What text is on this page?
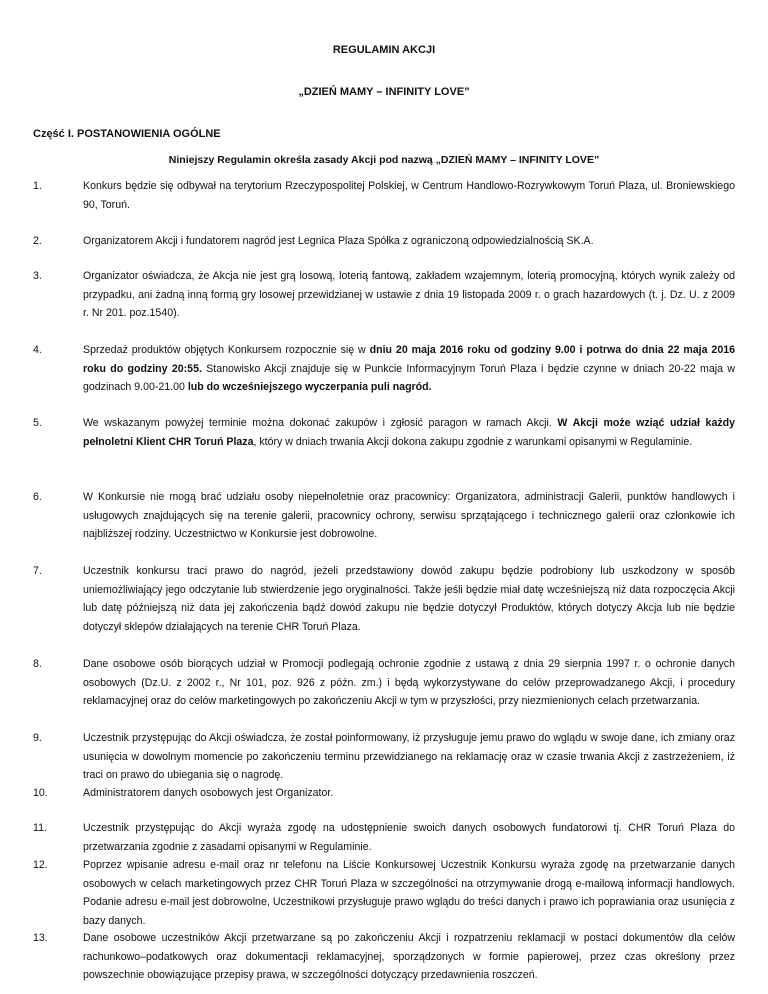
REGULAMIN AKCJI
„DZIEŃ MAMY – INFINITY LOVE”
Część I. POSTANOWIENIA OGÓLNE
Niniejszy Regulamin określa zasady Akcji pod nazwą „DZIEŃ MAMY – INFINITY LOVE”
1.	Konkurs będzie się odbywał na terytorium Rzeczypospolitej Polskiej, w Centrum Handlowo-Rozrywkowym Toruń Plaza, ul. Broniewskiego 90, Toruń.
2.	Organizatorem Akcji i fundatorem nagród jest Legnica Plaza Spółka z ograniczoną odpowiedzialnością SK.A.
3.	Organizator oświadcza, że Akcja nie jest grą losową, loterią fantową, zakładem wzajemnym, loterią promocyjną, których wynik zależy od przypadku, ani żadną inną formą gry losowej przewidzianej w ustawie z dnia 19 listopada 2009 r. o grach hazardowych (t. j. Dz. U. z 2009 r. Nr 201. poz.1540).
4.	Sprzedaż produktów objętych Konkursem rozpocznie się w dniu 20 maja 2016 roku od godziny 9.00 i potrwa do dnia 22 maja 2016 roku do godziny 20:55. Stanowisko Akcji znajduje się w Punkcie Informacyjnym Toruń Plaza i będzie czynne w dniach 20-22 maja w godzinach 9.00-21.00 lub do wcześniejszego wyczerpania puli nagród.
5.	We wskazanym powyżej terminie można dokonać zakupów i zgłosić paragon w ramach Akcji. W Akcji może wziąć udział każdy pełnoletni Klient CHR Toruń Plaza, który w dniach trwania Akcji dokona zakupu zgodnie z warunkami opisanymi w Regulaminie.
6.	W Konkursie nie mogą brać udziału osoby niepełnoletnie oraz pracownicy: Organizatora, administracji Galerii, punktów handlowych i usługowych znajdujących się na terenie galerii, pracownicy ochrony, serwisu sprzątającego i technicznego galerii oraz członkowie ich najbliższej rodziny. Uczestnictwo w Konkursie jest dobrowolne.
7.	Uczestnik konkursu traci prawo do nagród, jeżeli przedstawiony dowód zakupu będzie podrobiony lub uszkodzony w sposób uniemożliwiający jego odczytanie lub stwierdzenie jego oryginalności. Także jeśli będzie miał datę wcześniejszą niż data rozpoczęcia Akcji lub datę późniejszą niż data jej zakończenia bądź dowód zakupu nie będzie dotyczył Produktów, których dotyczy Akcja lub nie będzie dotyczył sklepów działających na terenie CHR Toruń Plaza.
8.	Dane osobowe osób biorących udział w Promocji podlegają ochronie zgodnie z ustawą z dnia 29 sierpnia 1997 r. o ochronie danych osobowych (Dz.U. z 2002 r., Nr 101, poz. 926 z późn. zm.) i będą wykorzystywane do celów przeprowadzanego Akcji, i procedury reklamacyjnej oraz do celów marketingowych po zakończeniu Akcji w tym w przyszłości, przy niezmienionych celach przetwarzania.
9.	Uczestnik przystępując do Akcji oświadcza, że został poinformowany, iż przysługuje jemu prawo do wglądu w swoje dane, ich zmiany oraz usunięcia w dowolnym momencie po zakończeniu terminu przewidzianego na reklamację oraz w czasie trwania Akcji z zastrzeżeniem, iż traci on prawo do ubiegania się o nagrodę.
10.	Administratorem danych osobowych jest Organizator.
11.	Uczestnik przystępując do Akcji wyraża zgodę na udostępnienie swoich danych osobowych fundatorowi tj. CHR Toruń Plaza do przetwarzania zgodnie z zasadami opisanymi w Regulaminie.
12.	Poprzez wpisanie adresu e-mail oraz nr telefonu na Liście Konkursowej Uczestnik Konkursu wyraża zgodę na przetwarzanie danych osobowych w celach marketingowych przez CHR Toruń Plaza w szczególności na otrzymywanie drogą e-mailową informacji handlowych. Podanie adresu e-mail jest dobrowolne, Uczestnikowi przysługuje prawo wglądu do treści danych i prawo ich poprawiania oraz usunięcia z bazy danych.
13.	Dane osobowe uczestników Akcji przetwarzane są po zakończeniu Akcji i rozpatrzeniu reklamacji w postaci dokumentów dla celów rachunkowo–podatkowych oraz dokumentacji reklamacyjnej, sporządzonych w formie papierowej, przez czas określony przez powszechnie obowiązujące przepisy prawa, w szczególności dotyczący przedawnienia roszczeń.
